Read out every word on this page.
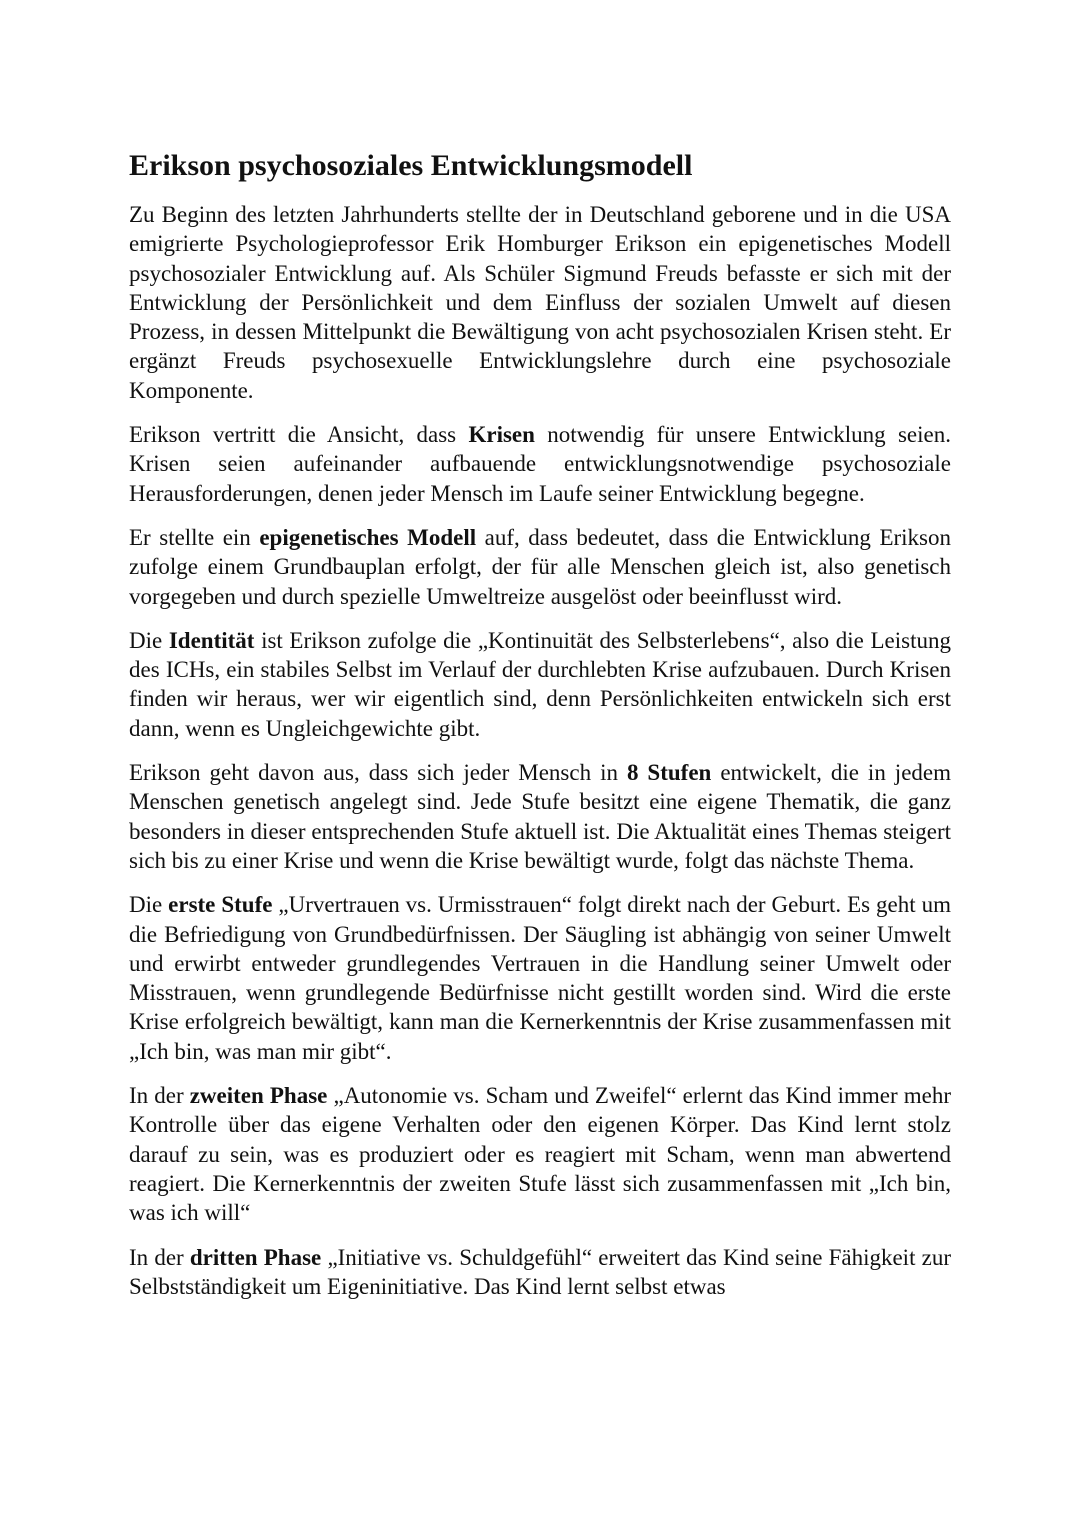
Erikson psychosoziales Entwicklungsmodell

Zu Beginn des letzten Jahrhunderts stellte der in Deutschland geborene und in die USA emigrierte Psychologieprofessor Erik Homburger Erikson ein epigenetisches Modell psychosozialer Entwicklung auf. Als Schüler Sigmund Freuds befasste er sich mit der Entwicklung der Persönlichkeit und dem Einfluss der sozialen Umwelt auf diesen Prozess, in dessen Mittelpunkt die Bewältigung von acht psychosozialen Krisen steht. Er ergänzt Freuds psychosexuelle Entwicklungslehre durch eine psychosoziale Komponente.

Erikson vertritt die Ansicht, dass Krisen notwendig für unsere Entwicklung seien. Krisen seien aufeinander aufbauende entwicklungsnotwendige psychosoziale Herausforderungen, denen jeder Mensch im Laufe seiner Entwicklung begegne.

Er stellte ein epigenetisches Modell auf, dass bedeutet, dass die Entwicklung Erikson zufolge einem Grundbauplan erfolgt, der für alle Menschen gleich ist, also genetisch vorgegeben und durch spezielle Umweltreize ausgelöst oder beeinflusst wird.

Die Identität ist Erikson zufolge die „Kontinuität des Selbsterlebens“, also die Leistung des ICHs, ein stabiles Selbst im Verlauf der durchlebten Krise aufzubauen. Durch Krisen finden wir heraus, wer wir eigentlich sind, denn Persönlichkeiten entwickeln sich erst dann, wenn es Ungleichgewichte gibt.

Erikson geht davon aus, dass sich jeder Mensch in 8 Stufen entwickelt, die in jedem Menschen genetisch angelegt sind. Jede Stufe besitzt eine eigene Thematik, die ganz besonders in dieser entsprechenden Stufe aktuell ist. Die Aktualität eines Themas steigert sich bis zu einer Krise und wenn die Krise bewältigt wurde, folgt das nächste Thema.

Die erste Stufe „Urvertrauen vs. Urmisstrauen“ folgt direkt nach der Geburt. Es geht um die Befriedigung von Grundbedürfnissen. Der Säugling ist abhängig von seiner Umwelt und erwirbt entweder grundlegendes Vertrauen in die Handlung seiner Umwelt oder Misstrauen, wenn grundlegende Bedürfnisse nicht gestillt worden sind. Wird die erste Krise erfolgreich bewältigt, kann man die Kernerkenntnis der Krise zusammenfassen mit „Ich bin, was man mir gibt“.

In der zweiten Phase „Autonomie vs. Scham und Zweifel“ erlernt das Kind immer mehr Kontrolle über das eigene Verhalten oder den eigenen Körper. Das Kind lernt stolz darauf zu sein, was es produziert oder es reagiert mit Scham, wenn man abwertend reagiert. Die Kernerkenntnis der zweiten Stufe lässt sich zusammenfassen mit „Ich bin, was ich will“

In der dritten Phase „Initiative vs. Schuldgefühl“ erweitert das Kind seine Fähigkeit zur Selbstständigkeit um Eigeninitiative. Das Kind lernt selbst etwas
